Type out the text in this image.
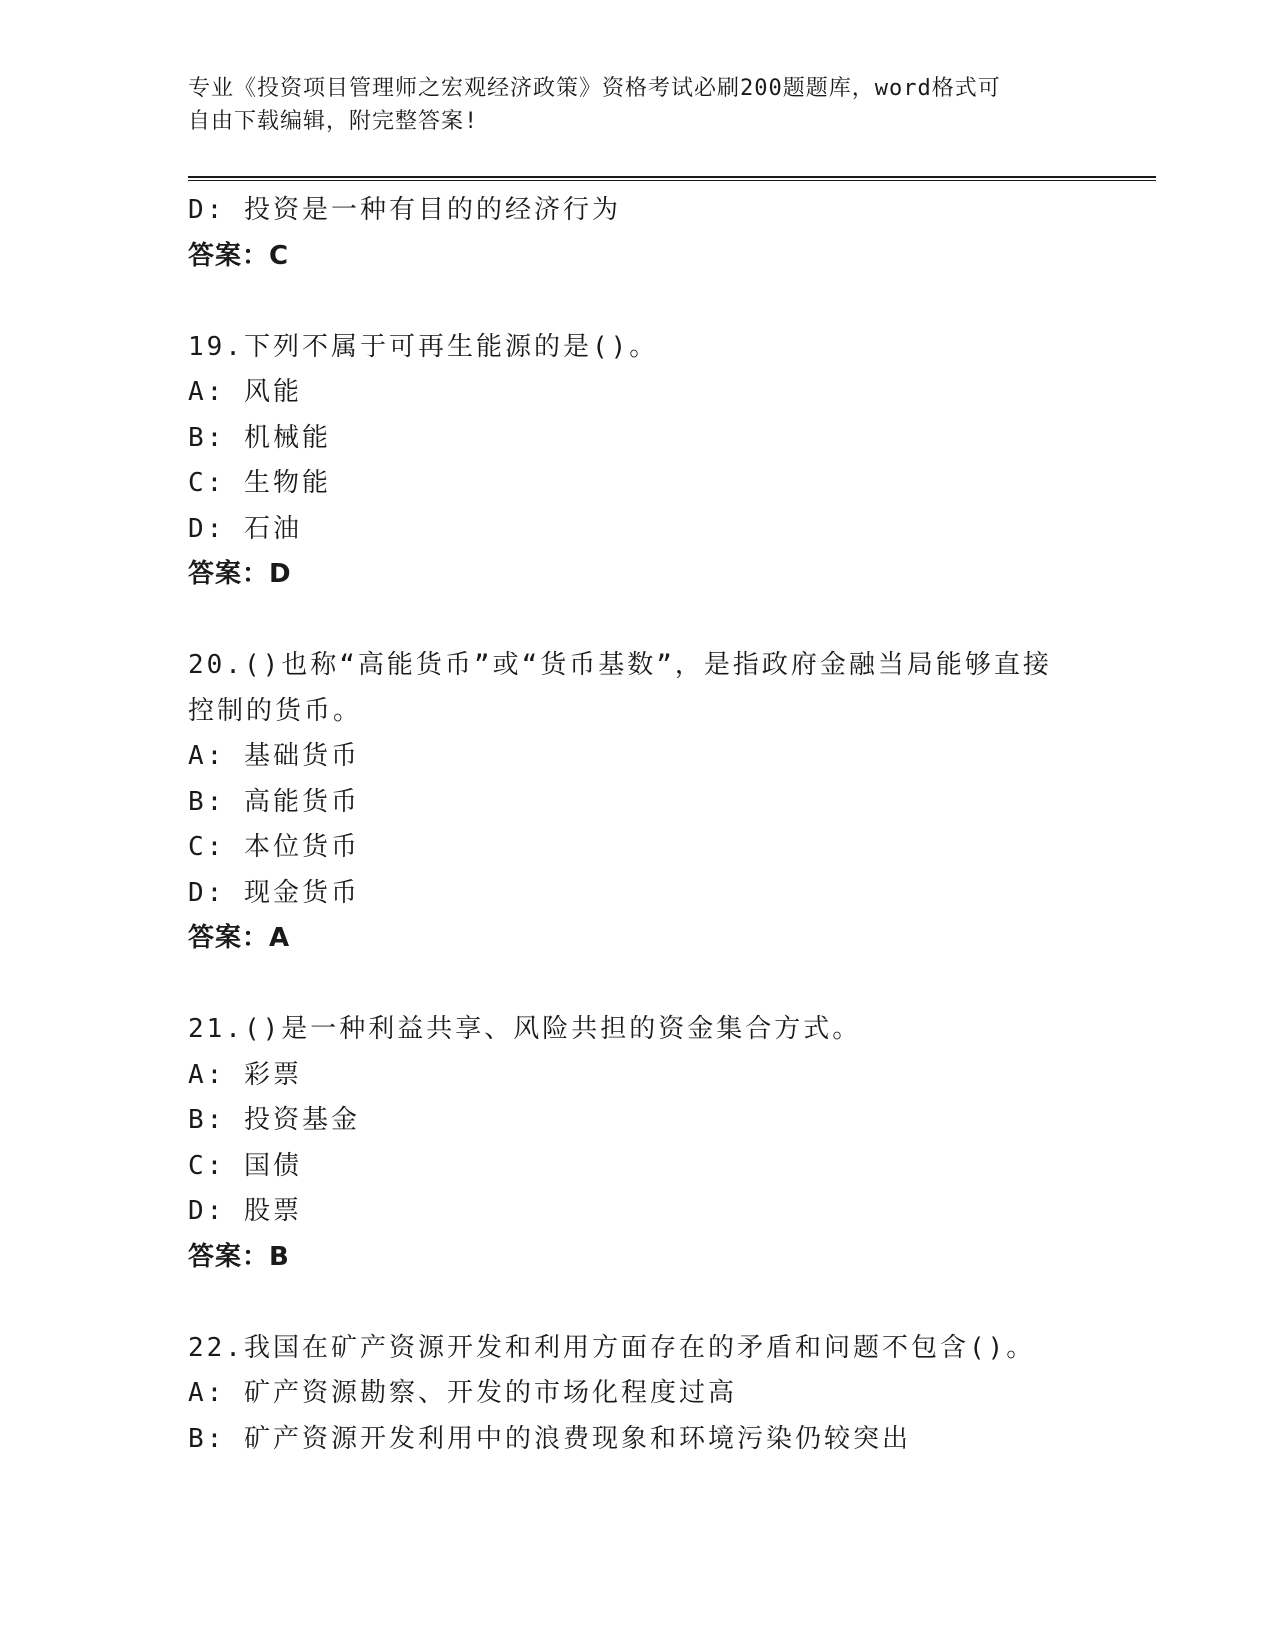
专业《投资项目管理师之宏观经济政策》资格考试必刷200题题库，word格式可
自由下载编辑，附完整答案!
D: 投资是一种有目的的经济行为
答案：C
19.下列不属于可再生能源的是()。
A: 风能
B: 机械能
C: 生物能
D: 石油
答案：D
20.()也称“高能货币”或“货币基数”，是指政府金融当局能够直接
控制的货币。
A: 基础货币
B: 高能货币
C: 本位货币
D: 现金货币
答案：A
21.()是一种利益共享、风险共担的资金集合方式。
A: 彩票
B: 投资基金
C: 国债
D: 股票
答案：B
22.我国在矿产资源开发和利用方面存在的矛盾和问题不包含()。
A: 矿产资源勘察、开发的市场化程度过高
B: 矿产资源开发利用中的浪费现象和环境污染仍较突出
